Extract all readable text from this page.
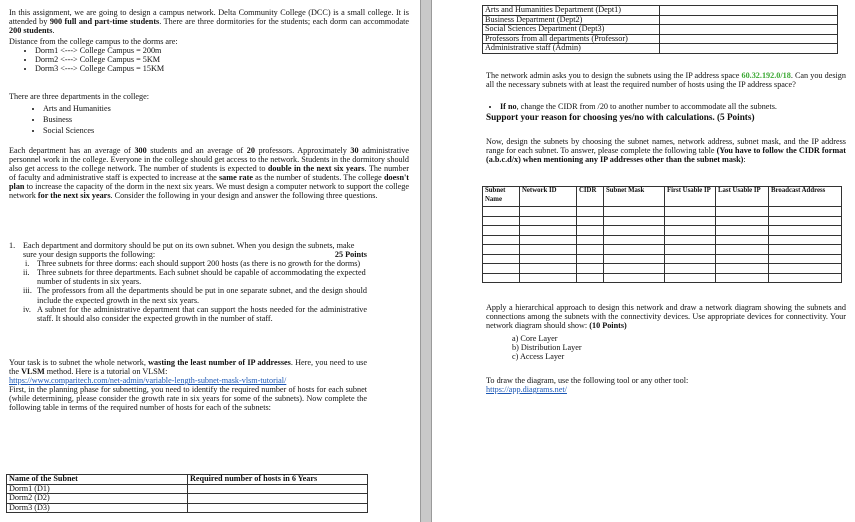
In this assignment, we are going to design a campus network. Delta Community College (DCC) is a small college. It is attended by 900 full and part-time students. There are three dormitories for the students; each dorm can accommodate 200 students.

Distance from the college campus to the dorms are:

• Dorm1 <---> College Campus = 200m
• Dorm2 <---> College Campus = 5KM
• Dorm3 <---> College Campus = 15KM

There are three departments in the college:

• Arts and Humanities
• Business
• Social Sciences

Each department has an average of 300 students and an average of 20 professors. Approximately 30 administrative personnel work in the college. Everyone in the college should get access to the network. Students in the dormitory should also get access to the college network. The number of students is expected to double in the next six years. The number of faculty and administrative staff is expected to increase at the same rate as the number of students. The college doesn't plan to increase the capacity of the dorm in the next six years. We must design a computer network to support the college network for the next six years. Consider the following in your design and answer the following three questions.

1. Each department and dormitory should be put on its own subnet. When you design the subnets, make sure your design supports the following:	25 Points
i. Three subnets for three dorms: each should support 200 hosts (as there is no growth for the dorms)
ii. Three subnets for three departments. Each subnet should be capable of accommodating the expected number of students in six years.
iii. The professors from all the departments should be put in one separate subnet, and the design should include the expected growth in the next six years.
iv. A subnet for the administrative department that can support the hosts needed for the administrative staff. It should also consider the expected growth in the number of staff.

Your task is to subnet the whole network, wasting the least number of IP addresses. Here, you need to use the VLSM method. Here is a tutorial on VLSM:
https://www.comparitech.com/net-admin/variable-length-subnet-mask-vlsm-tutorial/
First, in the planning phase for subnetting, you need to identify the required number of hosts for each subnet (while determining, please consider the growth rate in six years for some of the subnets). Now complete the following table in terms of the required number of hosts for each of the subnets:

Name of the Subnet	Required number of hosts in 6 Years
Dorm1 (D1)	
Dorm2 (D2)	
Dorm3 (D3)	
Arts and Humanities Department (Dept1)	
Business Department (Dept2)	
Social Sciences Department (Dept3)	
Professors from all departments (Professor)	
Administrative staff (Admin)	

The network admin asks you to design the subnets using the IP address space 60.32.192.0/18. Can you design all the necessary subnets with at least the required number of hosts using the IP address space?

• If no, change the CIDR from /20 to another number to accommodate all the subnets.

Support your reason for choosing yes/no with calculations. (5 Points)

Now, design the subnets by choosing the subnet names, network address, subnet mask, and the IP address range for each subnet. To answer, please complete the following table (You have to follow the CIDR format (a.b.c.d/x) when mentioning any IP addresses other than the subnet mask):

Subnet Name	Network ID	CIDR	Subnet Mask	First Usable IP	Last Usable IP	Broadcast Address

Apply a hierarchical approach to design this network and draw a network diagram showing the subnets and connections among the subnets with the connectivity devices. Use appropriate devices for connectivity. Your network diagram should show: (10 Points)

a) Core Layer
b) Distribution Layer
c) Access Layer

To draw the diagram, use the following tool or any other tool:
https://app.diagrams.net/
